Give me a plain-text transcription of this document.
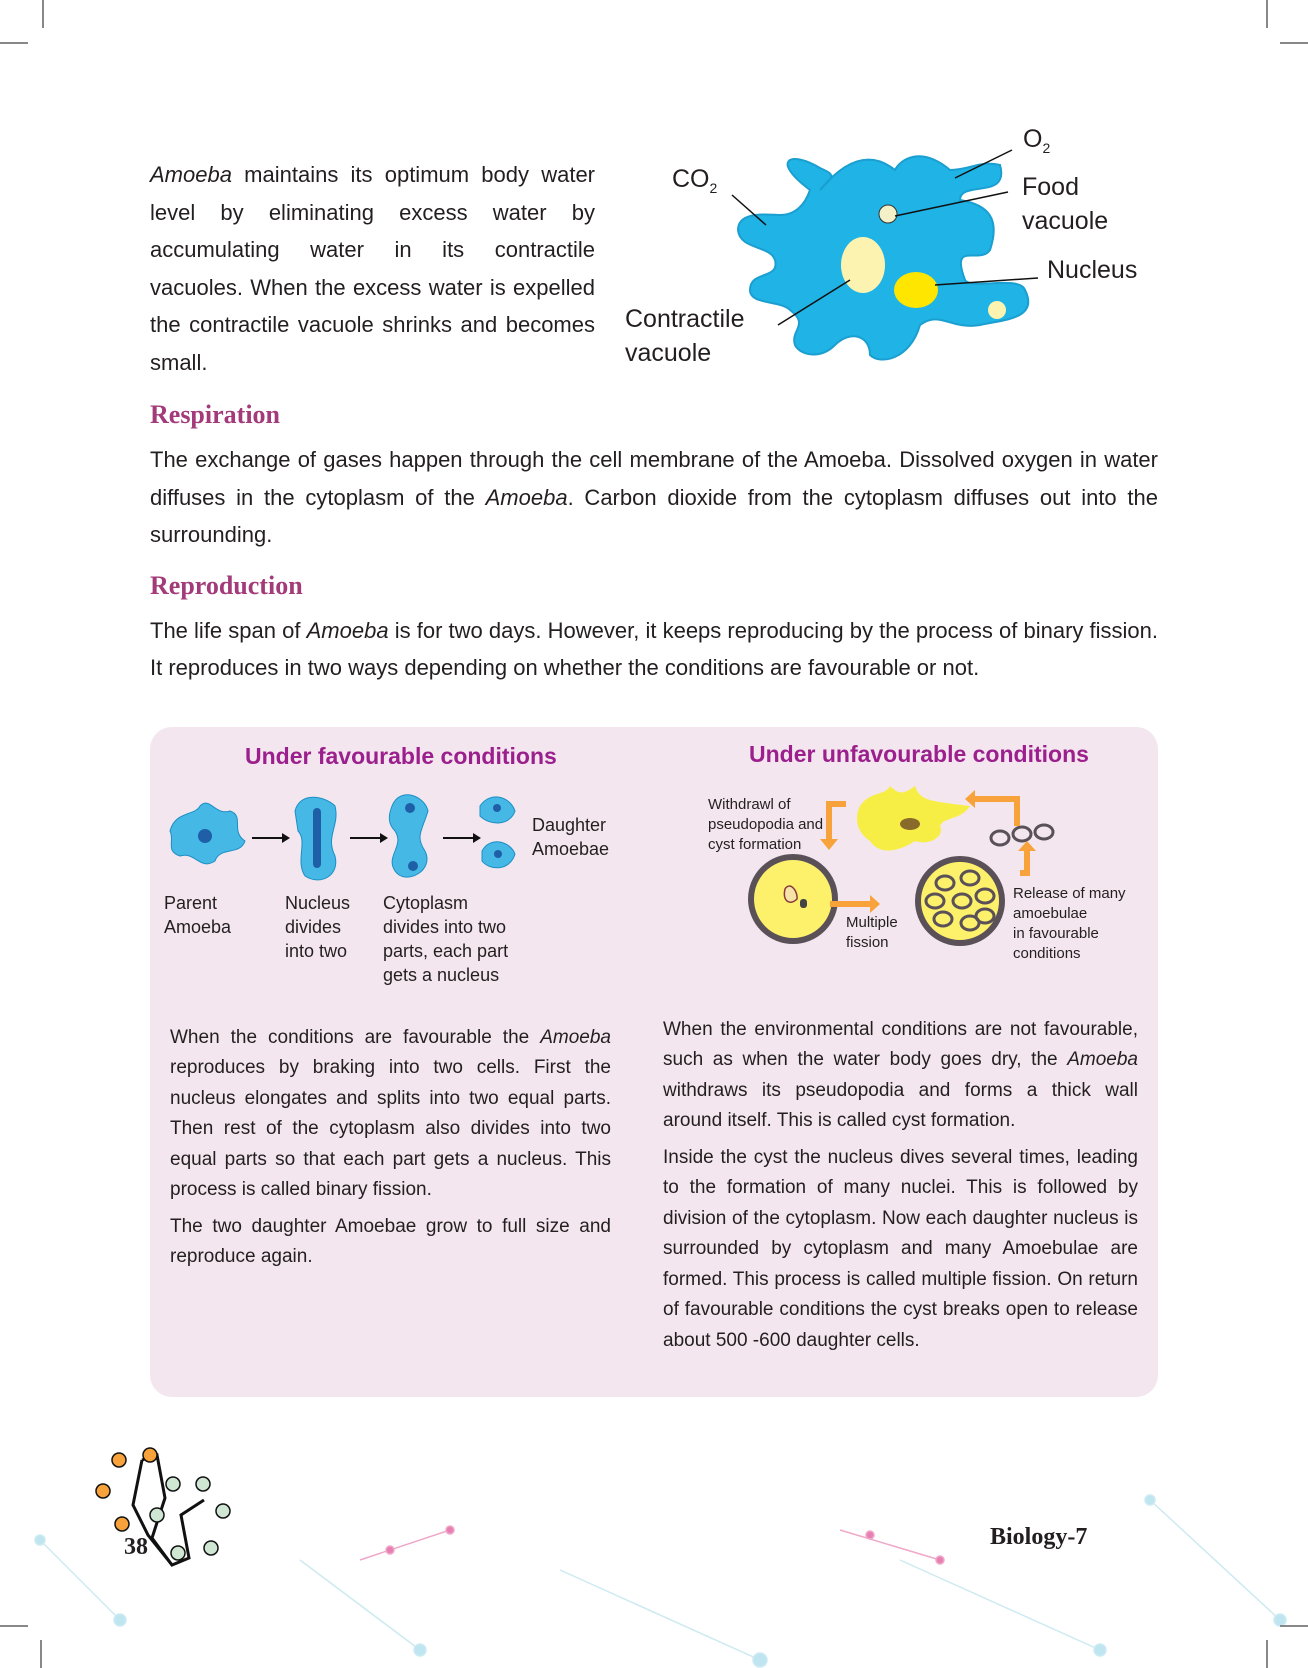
Amoeba maintains its optimum body water level by eliminating excess water by accumulating water in its contractile vacuoles. When the excess water is expelled the contractile vacuole shrinks and becomes small.

$CO_2$
$O_2$
Food
vacuole
Nucleus
Contractile
vacuole
Respiration

The exchange of gases happen through the cell membrane of the Amoeba. Dissolved oxygen in water diffuses in the cytoplasm of the Amoeba. Carbon dioxide from the cytoplasm diffuses out into the surrounding.

Reproduction

The life span of Amoeba is for two days. However, it keeps reproducing by the process of binary fission. It reproduces in two ways depending on whether the conditions are favourable or not.

Under favourable conditions
Daughter
Amoebae
Parent
Amoeba
Nucleus
divides
into two
Cytoplasm
divides into two
parts, each part
gets a nucleus

When the conditions are favourable the Amoeba reproduces by braking into two cells. First the nucleus elongates and splits into two equal parts. Then rest of the cytoplasm also divides into two equal parts so that each part gets a nucleus. This process is called binary fission.

The two daughter Amoebae grow to full size and reproduce again.

Under unfavourable conditions
Withdrawl of
pseudopodia and
cyst formation
Multiple
fission
Release of many
amoebulae
in favourable
conditions

When the environmental conditions are not favourable, such as when the water body goes dry, the Amoeba withdraws its pseudopodia and forms a thick wall around itself. This is called cyst formation.

Inside the cyst the nucleus dives several times, leading to the formation of many nuclei. This is followed by division of the cytoplasm. Now each daughter nucleus is surrounded by cytoplasm and many Amoebulae are formed. This process is called multiple fission. On return of favourable conditions the cyst breaks open to release about 500 -600 daughter cells.

38	Biology-7
